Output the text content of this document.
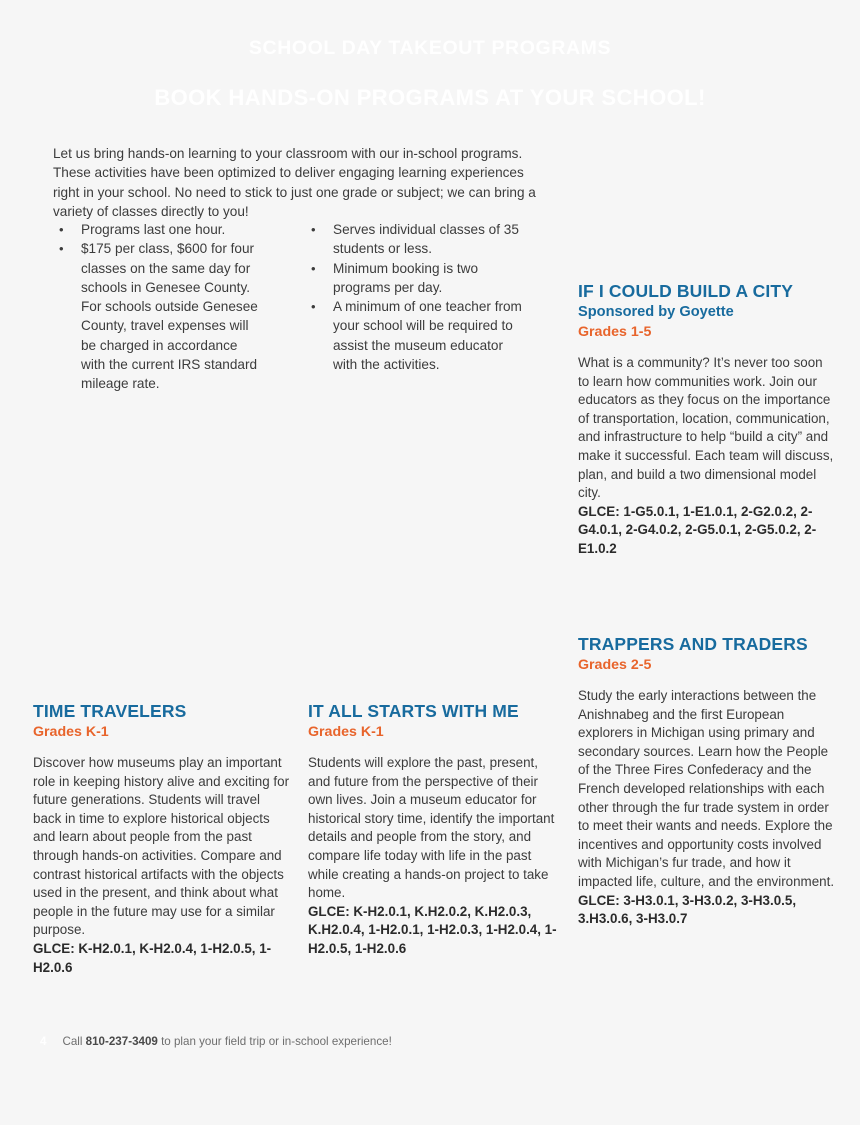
SCHOOL DAY TAKEOUT PROGRAMS
BOOK HANDS-ON PROGRAMS AT YOUR SCHOOL!

Let us bring hands-on learning to your classroom with our in-school programs. These activities have been optimized to deliver engaging learning experiences right in your school. No need to stick to just one grade or subject; we can bring a variety of classes directly to you!

• Programs last one hour.
• $175 per class, $600 for four classes on the same day for schools in Genesee County. For schools outside Genesee County, travel expenses will be charged in accordance with the current IRS standard mileage rate.
• Serves individual classes of 35 students or less.
• Minimum booking is two programs per day.
• A minimum of one teacher from your school will be required to assist the museum educator with the activities.
IF I COULD BUILD A CITY

Sponsored by Goyette

Grades 1-5

What is a community? It’s never too soon to learn how communities work. Join our educators as they focus on the importance of transportation, location, communication, and infrastructure to help “build a city” and make it successful. Each team will discuss, plan, and build a two dimensional model city.

GLCE: 1-G5.0.1, 1-E1.0.1, 2-G2.0.2, 2-G4.0.1, 2-G4.0.2, 2-G5.0.1, 2-G5.0.2, 2-E1.0.2

TRAPPERS AND TRADERS

Grades 2-5

Study the early interactions between the Anishnabeg and the first European explorers in Michigan using primary and secondary sources. Learn how the People of the Three Fires Confederacy and the French developed relationships with each other through the fur trade system in order to meet their wants and needs. Explore the incentives and opportunity costs involved with Michigan’s fur trade, and how it impacted life, culture, and the environment.

GLCE: 3-H3.0.1, 3-H3.0.2, 3-H3.0.5, 3.H3.0.6, 3-H3.0.7

TIME TRAVELERS

Grades K-1

Discover how museums play an important role in keeping history alive and exciting for future generations. Students will travel back in time to explore historical objects and learn about people from the past through hands-on activities. Compare and contrast historical artifacts with the objects used in the present, and think about what people in the future may use for a similar purpose.

GLCE: K-H2.0.1, K-H2.0.4, 1-H2.0.5, 1-H2.0.6

IT ALL STARTS WITH ME

Grades K-1

Students will explore the past, present, and future from the perspective of their own lives. Join a museum educator for historical story time, identify the important details and people from the story, and compare life today with life in the past while creating a hands-on project to take home.

GLCE: K-H2.0.1, K.H2.0.2, K.H2.0.3, K.H2.0.4, 1-H2.0.1, 1-H2.0.3, 1-H2.0.4, 1-H2.0.5, 1-H2.0.6

4 Call 810-237-3409 to plan your field trip or in-school experience!
